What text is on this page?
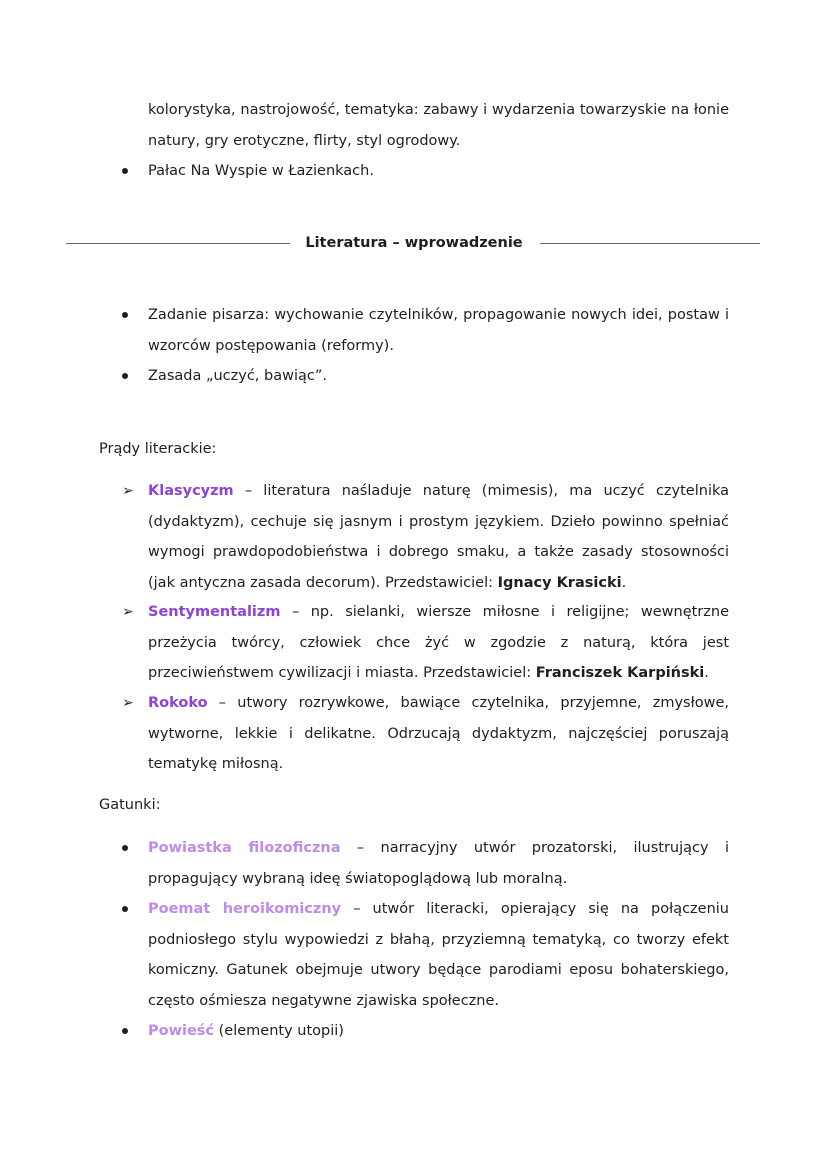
kolorystyka, nastrojowość, tematyka: zabawy i wydarzenia towarzyskie na łonie natury, gry erotyczne, flirty, styl ogrodowy.
Pałac Na Wyspie w Łazienkach.
Literatura – wprowadzenie
Zadanie pisarza: wychowanie czytelników, propagowanie nowych idei, postaw i wzorców postępowania (reformy).
Zasada „uczyć, bawiąc”.
Prądy literackie:
➢ Klasycyzm – literatura naśladuje naturę (mimesis), ma uczyć czytelnika (dydaktyzm), cechuje się jasnym i prostym językiem. Dzieło powinno spełniać wymogi prawdopodobieństwa i dobrego smaku, a także zasady stosowności (jak antyczna zasada decorum). Przedstawiciel: Ignacy Krasicki.
➢ Sentymentalizm – np. sielanki, wiersze miłosne i religijne; wewnętrzne przeżycia twórcy, człowiek chce żyć w zgodzie z naturą, która jest przeciwieństwem cywilizacji i miasta. Przedstawiciel: Franciszek Karpiński.
➢ Rokoko – utwory rozrywkowe, bawiące czytelnika, przyjemne, zmysłowe, wytworne, lekkie i delikatne. Odrzucają dydaktyzm, najczęściej poruszają tematykę miłosną.
Gatunki:
Powiastka filozoficzna – narracyjny utwór prozatorski, ilustrujący i propagujący wybraną ideę światopoglądową lub moralną.
Poemat heroikomiczny – utwór literacki, opierający się na połączeniu podniosłego stylu wypowiedzi z błahą, przyziemną tematyką, co tworzy efekt komiczny. Gatunek obejmuje utwory będące parodiami eposu bohaterskiego, często ośmiesza negatywne zjawiska społeczne.
Powieść (elementy utopii)
